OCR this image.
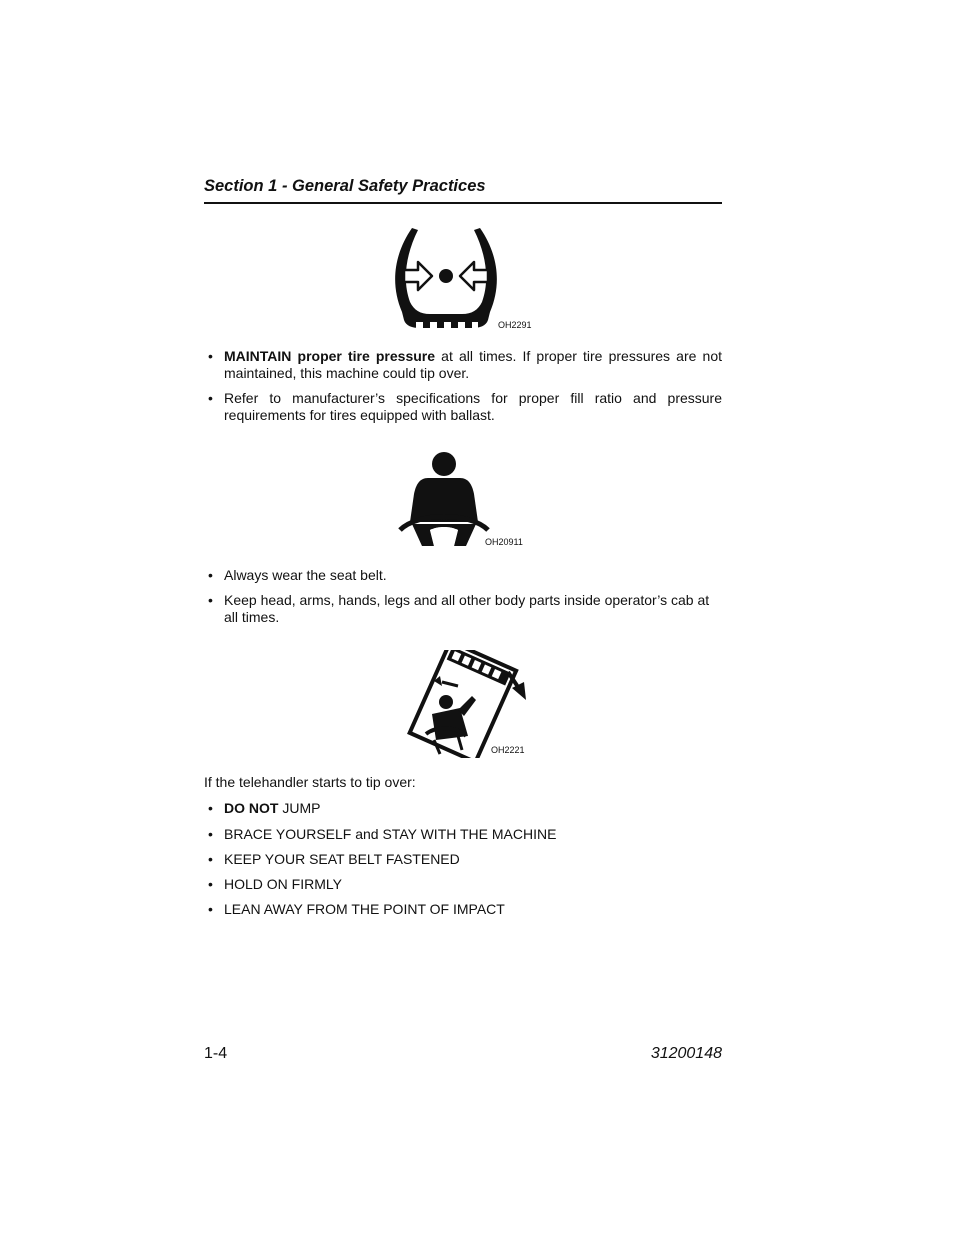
Section 1 - General Safety Practices
OH2291
• MAINTAIN proper tire pressure at all times. If proper tire pressures are not maintained, this machine could tip over.
• Refer to manufacturer’s specifications for proper fill ratio and pressure requirements for tires equipped with ballast.
OH20911
• Always wear the seat belt.
• Keep head, arms, hands, legs and all other body parts inside operator’s cab at all times.
OH2221
If the telehandler starts to tip over:
• DO NOT JUMP
• BRACE YOURSELF and STAY WITH THE MACHINE
• KEEP YOUR SEAT BELT FASTENED
• HOLD ON FIRMLY
• LEAN AWAY FROM THE POINT OF IMPACT
1-4	31200148
